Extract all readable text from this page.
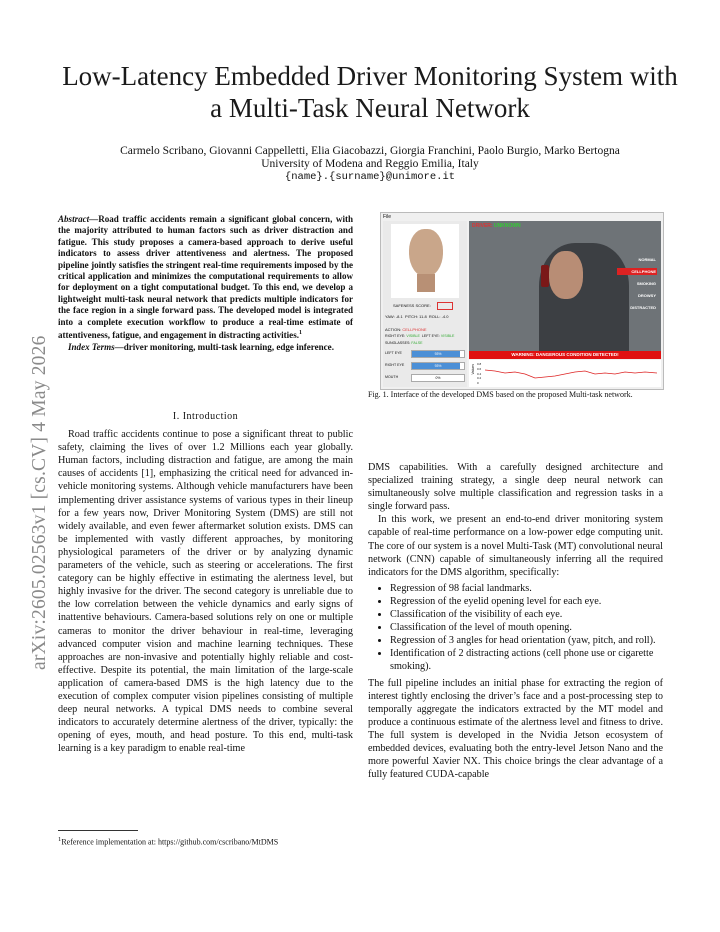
arXiv:2605.02563v1 [cs.CV] 4 May 2026
Low-Latency Embedded Driver Monitoring System with a Multi-Task Neural Network
Carmelo Scribano, Giovanni Cappelletti, Elia Giacobazzi, Giorgia Franchini, Paolo Burgio, Marko Bertogna
University of Modena and Reggio Emilia, Italy
{name}.{surname}@unimore.it
Abstract—Road traffic accidents remain a significant global concern, with the majority attributed to human factors such as driver distraction and fatigue. This study proposes a camera-based approach to derive useful indicators to assess driver attentiveness and alertness. The proposed pipeline jointly satisfies the stringent real-time requirements imposed by the critical application and minimizes the computational requirements to allow for deployment on a tight computational budget. To this end, we develop a lightweight multi-task neural network that predicts multiple indicators for the face region in a single forward pass. The developed model is integrated into a complete execution workflow to produce a real-time estimate of attentiveness, fatigue, and engagement in distracting activities.$^1$

Index Terms—driver monitoring, multi-task learning, edge inference.

I. Introduction

Road traffic accidents continue to pose a significant threat to public safety, claiming the lives of over 1.2 Millions each year globally. Human factors, including distraction and fatigue, are among the main causes of accidents [1], emphasizing the critical need for advanced in-vehicle monitoring systems. Although vehicle manufacturers have been implementing driver assistance systems of various types in their lineup for a few years now, Driver Monitoring System (DMS) are still not widely available, and even fewer aftermarket solution exists. DMS can be implemented with vastly different approaches, by monitoring physiological parameters of the driver or by analyzing dynamic parameters of the vehicle, such as steering or accelerations. The first category can be highly effective in estimating the alertness level, but highly invasive for the driver. The second category is unreliable due to the low correlation between the vehicle dynamics and early signs of inattentive behaviours. Camera-based solutions rely on one or multiple cameras to monitor the driver behaviour in real-time, leveraging advanced computer vision and machine learning techniques. These approaches are non-invasive and potentially highly reliable and cost-effective. Despite its potential, the main limitation of the large-scale application of camera-based DMS is the high latency due to the execution of complex computer vision pipelines consisting of multiple deep neural networks. A typical DMS needs to combine several indicators to accurately determine alertness of the driver, typically: the opening of eyes, mouth, and head posture. To this end, multi-task learning is a key paradigm to enable real-time

$^1$Reference implementation at: https://github.com/cscribano/MtDMS
File
SAFENESS SCORE:
YAW: -8.1 PITCH: 11.8 ROLL: -4.0
ACTION: CELLPHONE
RIGHT EYE: VISIBLE LEFT EYE: VISIBLE
SUNGLASSES: FALSE
LEFT EYE	93%
RIGHT EYE	93%
MOUTH	0%
DRIVER: UNKNOWN
NORMAL
CELLPHONE
SMOKING
DROWSY
DISTRACTED
WARNING: DANGEROUS CONDITION DETECTED!
Values 0.8
0.6
0.4
0.2
0
Fig. 1. Interface of the developed DMS based on the proposed Multi-task network.

DMS capabilities. With a carefully designed architecture and specialized training strategy, a single deep neural network can simultaneously solve multiple classification and regression tasks in a single forward pass.

In this work, we present an end-to-end driver monitoring system capable of real-time performance on a low-power edge computing unit. The core of our system is a novel Multi-Task (MT) convolutional neural network (CNN) capable of simultaneously inferring all the required indicators for the DMS algorithm, specifically:

• Regression of 98 facial landmarks.
• Regression of the eyelid opening level for each eye.
• Classification of the visibility of each eye.
• Classification of the level of mouth opening.
• Regression of 3 angles for head orientation (yaw, pitch, and roll).
• Identification of 2 distracting actions (cell phone use or cigarette smoking).

The full pipeline includes an initial phase for extracting the region of interest tightly enclosing the driver’s face and a post-processing step to temporally aggregate the indicators extracted by the MT model and produce a continuous estimate of the alertness level and fitness to drive. The full system is developed in the Nvidia Jetson ecosystem of embedded devices, evaluating both the entry-level Jetson Nano and the more powerful Xavier NX. This choice brings the clear advantage of a fully featured CUDA-capable
